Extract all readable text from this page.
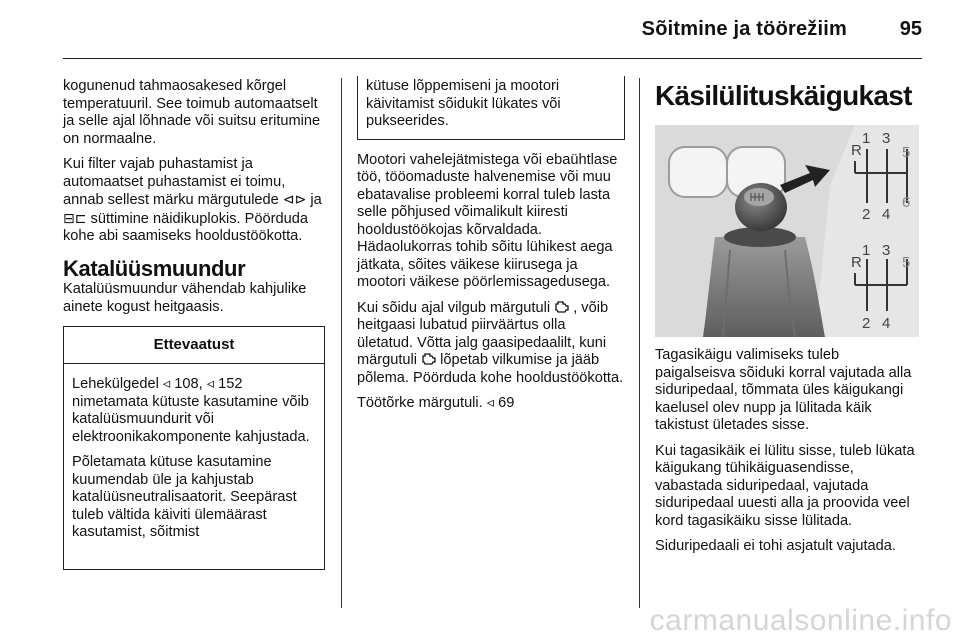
Sõitmine ja töörežiim	95

kogunenud tahmaosakesed kõrgel temperatuuril. See toimub automaatselt ja selle ajal lõhnade või suitsu eritumine on normaalne.

Kui filter vajab puhastamist ja automaatset puhastamist ei toimu, annab sellest märku märgutulede ⊲⊳ ja ⊟⊏ süttimine näidikuplokis. Pöörduda kohe abi saamiseks hooldustöökotta.

Katalüüsmuundur

Katalüüsmuundur vähendab kahjulike ainete kogust heitgaasis.

Ettevaatust

Lehekülgedel ◃ 108, ◃ 152 nimetamata kütuste kasutamine võib katalüüsmuundurit või elektroonikakomponente kahjustada.

Põletamata kütuse kasutamine kuumendab üle ja kahjustab katalüüsneutralisaatorit. Seepärast tuleb vältida käiviti ülemäärast kasutamist, sõitmist

kütuse lõppemiseni ja mootori käivitamist sõidukit lükates või pukseerides.

Mootori vahelejätmistega või ebaühtlase töö, tööomaduste halvenemise või muu ebatavalise probleemi korral tuleb lasta selle põhjused võimalikult kiiresti hooldustöökojas kõrvaldada. Hädaolukorras tohib sõitu lühikest aega jätkata, sõites väikese kiirusega ja mootori väikese pöörlemissagedusega.

Kui sõidu ajal vilgub märgutuli , võib heitgaasi lubatud piirväärtus olla ületatud. Võtta jalg gaasipedaalilt, kuni märgutuli lõpetab vilkumise ja jääb põlema. Pöörduda kohe hooldustöökotta.

Töötõrke märgutuli. ◃ 69

Käsilülituskäigukast
R
1 3
5
2 4
6
R
1 3
5
2 4

Tagasikäigu valimiseks tuleb paigalseisva sõiduki korral vajutada alla siduripedaal, tõmmata üles käigukangi kaelusel olev nupp ja lülitada käik takistust ületades sisse.

Kui tagasikäik ei lülitu sisse, tuleb lükata käigukang tühikäiguasendisse, vabastada siduripedaal, vajutada siduripedaal uuesti alla ja proovida veel kord tagasikäiku sisse lülitada.

Siduripedaali ei tohi asjatult vajutada.

carmanualsonline.info
